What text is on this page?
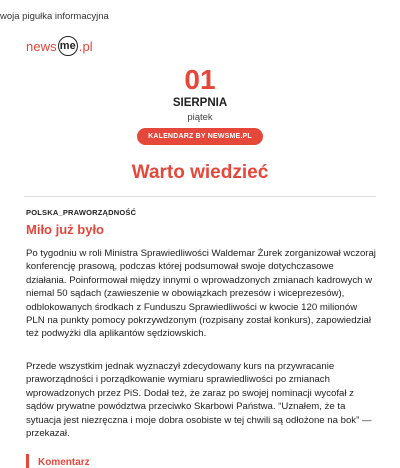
woja pigułka informacyjna
news me .pl
01
SIERPNIA
piątek
KALENDARZ BY NEWSME.PL
Warto wiedzieć
POLSKA_PRAWORZĄDNOŚĆ
Miło już było

Po tygodniu w roli Ministra Sprawiedliwości Waldemar Żurek zorganizował wczoraj konferencję prasową, podczas której podsumował swoje dotychczasowe działania. Poinformował między innymi o wprowadzonych zmianach kadrowych w niemal 50 sądach (zawieszenie w obowiązkach prezesów i wiceprezesów), odblokowanych środkach z Funduszu Sprawiedliwości w kwocie 120 milionów PLN na punkty pomocy pokrzywdzonym (rozpisany został konkurs), zapowiedział też podwyżki dla aplikantów sędziowskich.

Przede wszystkim jednak wyznaczył zdecydowany kurs na przywracanie praworządności i porządkowanie wymiaru sprawiedliwości po zmianach wprowadzonych przez PiS. Dodał też, że zaraz po swojej nominacji wycofał z sądów prywatne powództwa przeciwko Skarbowi Państwa. “Uznałem, że ta sytuacja jest niezręczna i moje dobra osobiste w tej chwili są odłożone na bok” — przekazał.

Komentarz
